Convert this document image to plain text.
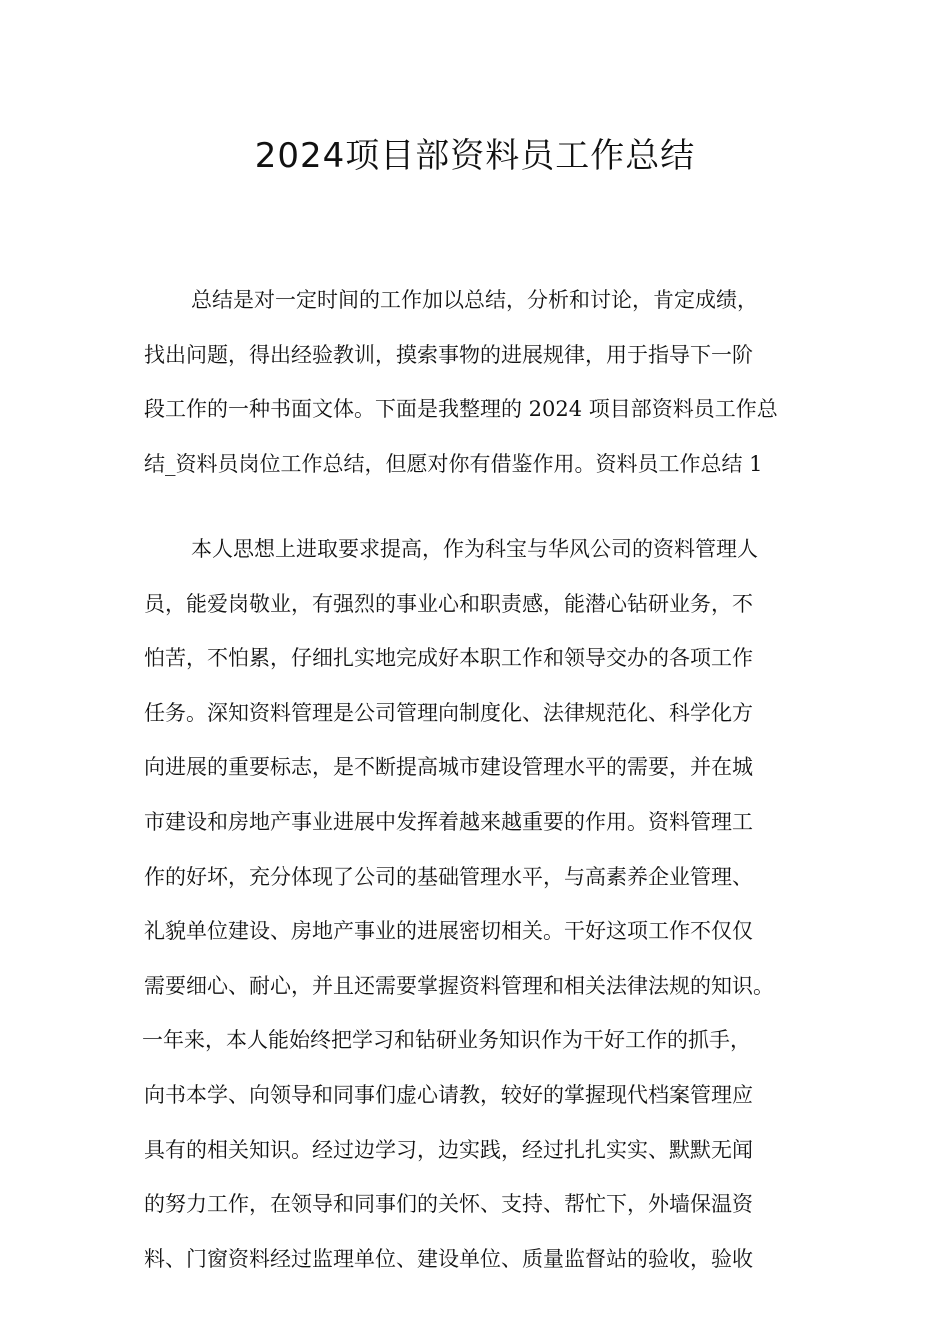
2024项目部资料员工作总结

总结是对一定时间的工作加以总结，分析和讨论，肯定成绩，
找出问题，得出经验教训，摸索事物的进展规律，用于指导下一阶
段工作的一种书面文体。下面是我整理的 2024 项目部资料员工作总
结_资料员岗位工作总结，但愿对你有借鉴作用。资料员工作总结 1

本人思想上进取要求提高，作为科宝与华风公司的资料管理人
员，能爱岗敬业，有强烈的事业心和职责感，能潜心钻研业务，不
怕苦，不怕累，仔细扎实地完成好本职工作和领导交办的各项工作
任务。深知资料管理是公司管理向制度化、法律规范化、科学化方
向进展的重要标志，是不断提高城市建设管理水平的需要，并在城
市建设和房地产事业进展中发挥着越来越重要的作用。资料管理工
作的好坏，充分体现了公司的基础管理水平，与高素养企业管理、
礼貌单位建设、房地产事业的进展密切相关。干好这项工作不仅仅
需要细心、耐心，并且还需要掌握资料管理和相关法律法规的知识。
一年来，本人能始终把学习和钻研业务知识作为干好工作的抓手，
向书本学、向领导和同事们虚心请教，较好的掌握现代档案管理应
具有的相关知识。经过边学习，边实践，经过扎扎实实、默默无闻
的努力工作，在领导和同事们的关怀、支持、帮忙下，外墙保温资
料、门窗资料经过监理单位、建设单位、质量监督站的验收，验收
